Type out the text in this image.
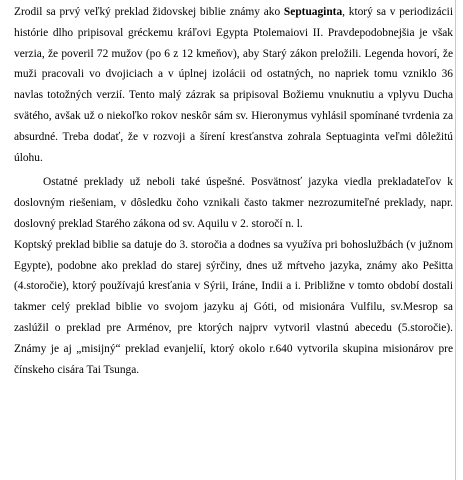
Zrodil sa prvý veľký preklad židovskej biblie známy ako Septuaginta, ktorý sa v periodizácii histórie dlho pripisoval gréckemu kráľovi Egypta Ptolemaiovi II. Pravdepodobnejšia je však verzia, že poveril 72 mužov (po 6 z 12 kmeňov), aby Starý zákon preložili. Legenda hovorí, že muži pracovali vo dvojiciach a v úplnej izolácii od ostatných, no napriek tomu vzniklo 36 navlas totožných verzií. Tento malý zázrak sa pripisoval Božiemu vnuknutiu a vplyvu Ducha svätého, avšak už o niekoľko rokov neskôr sám sv. Hieronymus vyhlásil spomínané tvrdenia za absurdné. Treba dodať, že v rozvoji a šírení kresťanstva zohrala Septuaginta veľmi dôležitú úlohu.

Ostatné preklady už neboli také úspešné. Posvätnosť jazyka viedla prekladateľov k doslovným riešeniam, v dôsledku čoho vznikali často takmer nezrozumiteľné preklady, napr. doslovný preklad Starého zákona od sv. Aquilu v 2. storočí n. l.

Koptský preklad biblie sa datuje do 3. storočia a dodnes sa využíva pri bohoslužbách (v južnom Egypte), podobne ako preklad do starej sýrčiny, dnes už mŕtveho jazyka, známy ako Pešitta (4.storočie), ktorý používajú kresťania v Sýrii, Iráne, Indii a i. Približne v tomto období dostali takmer celý preklad biblie vo svojom jazyku aj Góti, od misionára Vulfilu, sv.Mesrop sa zaslúžil o preklad pre Arménov, pre ktorých najprv vytvoril vlastnú abecedu (5.storočie). Známy je aj „misijný“ preklad evanjelií, ktorý okolo r.640 vytvorila skupina misionárov pre čínskeho cisára Tai Tsunga.
